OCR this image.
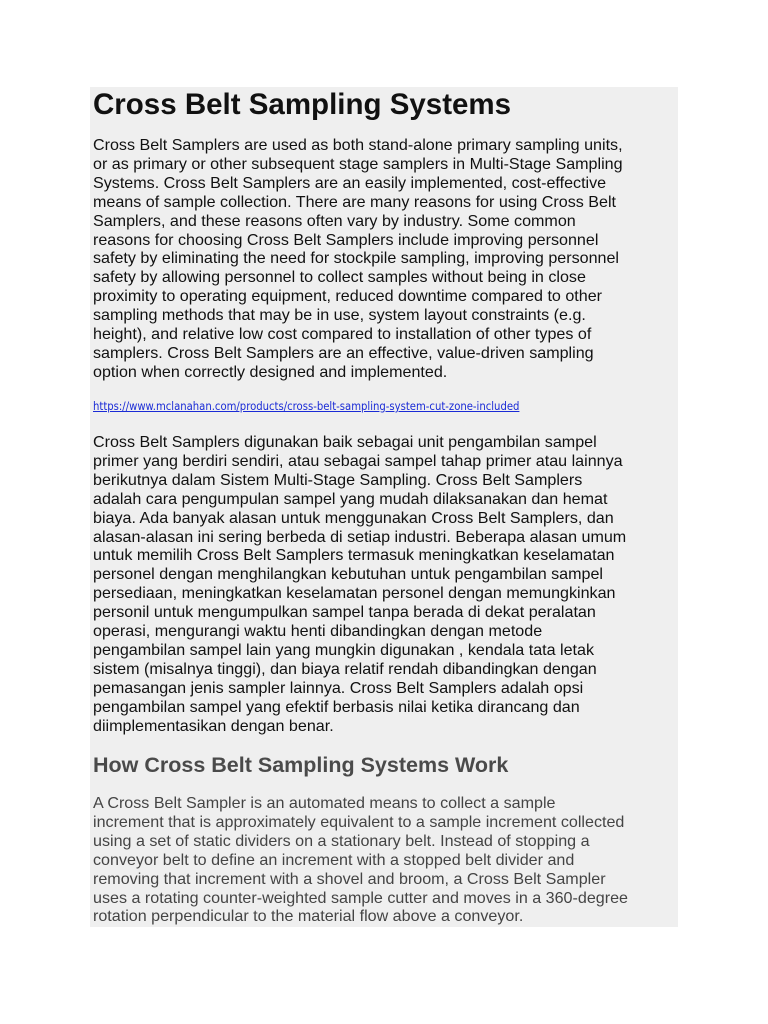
Cross Belt Sampling Systems
Cross Belt Samplers are used as both stand-alone primary sampling units,
or as primary or other subsequent stage samplers in Multi-Stage Sampling
Systems. Cross Belt Samplers are an easily implemented, cost-effective
means of sample collection. There are many reasons for using Cross Belt
Samplers, and these reasons often vary by industry. Some common
reasons for choosing Cross Belt Samplers include improving personnel
safety by eliminating the need for stockpile sampling, improving personnel
safety by allowing personnel to collect samples without being in close
proximity to operating equipment, reduced downtime compared to other
sampling methods that may be in use, system layout constraints (e.g.
height), and relative low cost compared to installation of other types of
samplers. Cross Belt Samplers are an effective, value-driven sampling
option when correctly designed and implemented.
https://www.mclanahan.com/products/cross-belt-sampling-system-cut-zone-included
Cross Belt Samplers digunakan baik sebagai unit pengambilan sampel
primer yang berdiri sendiri, atau sebagai sampel tahap primer atau lainnya
berikutnya dalam Sistem Multi-Stage Sampling. Cross Belt Samplers
adalah cara pengumpulan sampel yang mudah dilaksanakan dan hemat
biaya. Ada banyak alasan untuk menggunakan Cross Belt Samplers, dan
alasan-alasan ini sering berbeda di setiap industri. Beberapa alasan umum
untuk memilih Cross Belt Samplers termasuk meningkatkan keselamatan
personel dengan menghilangkan kebutuhan untuk pengambilan sampel
persediaan, meningkatkan keselamatan personel dengan memungkinkan
personil untuk mengumpulkan sampel tanpa berada di dekat peralatan
operasi, mengurangi waktu henti dibandingkan dengan metode
pengambilan sampel lain yang mungkin digunakan , kendala tata letak
sistem (misalnya tinggi), dan biaya relatif rendah dibandingkan dengan
pemasangan jenis sampler lainnya. Cross Belt Samplers adalah opsi
pengambilan sampel yang efektif berbasis nilai ketika dirancang dan
diimplementasikan dengan benar.
How Cross Belt Sampling Systems Work
A Cross Belt Sampler is an automated means to collect a sample
increment that is approximately equivalent to a sample increment collected
using a set of static dividers on a stationary belt. Instead of stopping a
conveyor belt to define an increment with a stopped belt divider and
removing that increment with a shovel and broom, a Cross Belt Sampler
uses a rotating counter-weighted sample cutter and moves in a 360-degree
rotation perpendicular to the material flow above a conveyor.
